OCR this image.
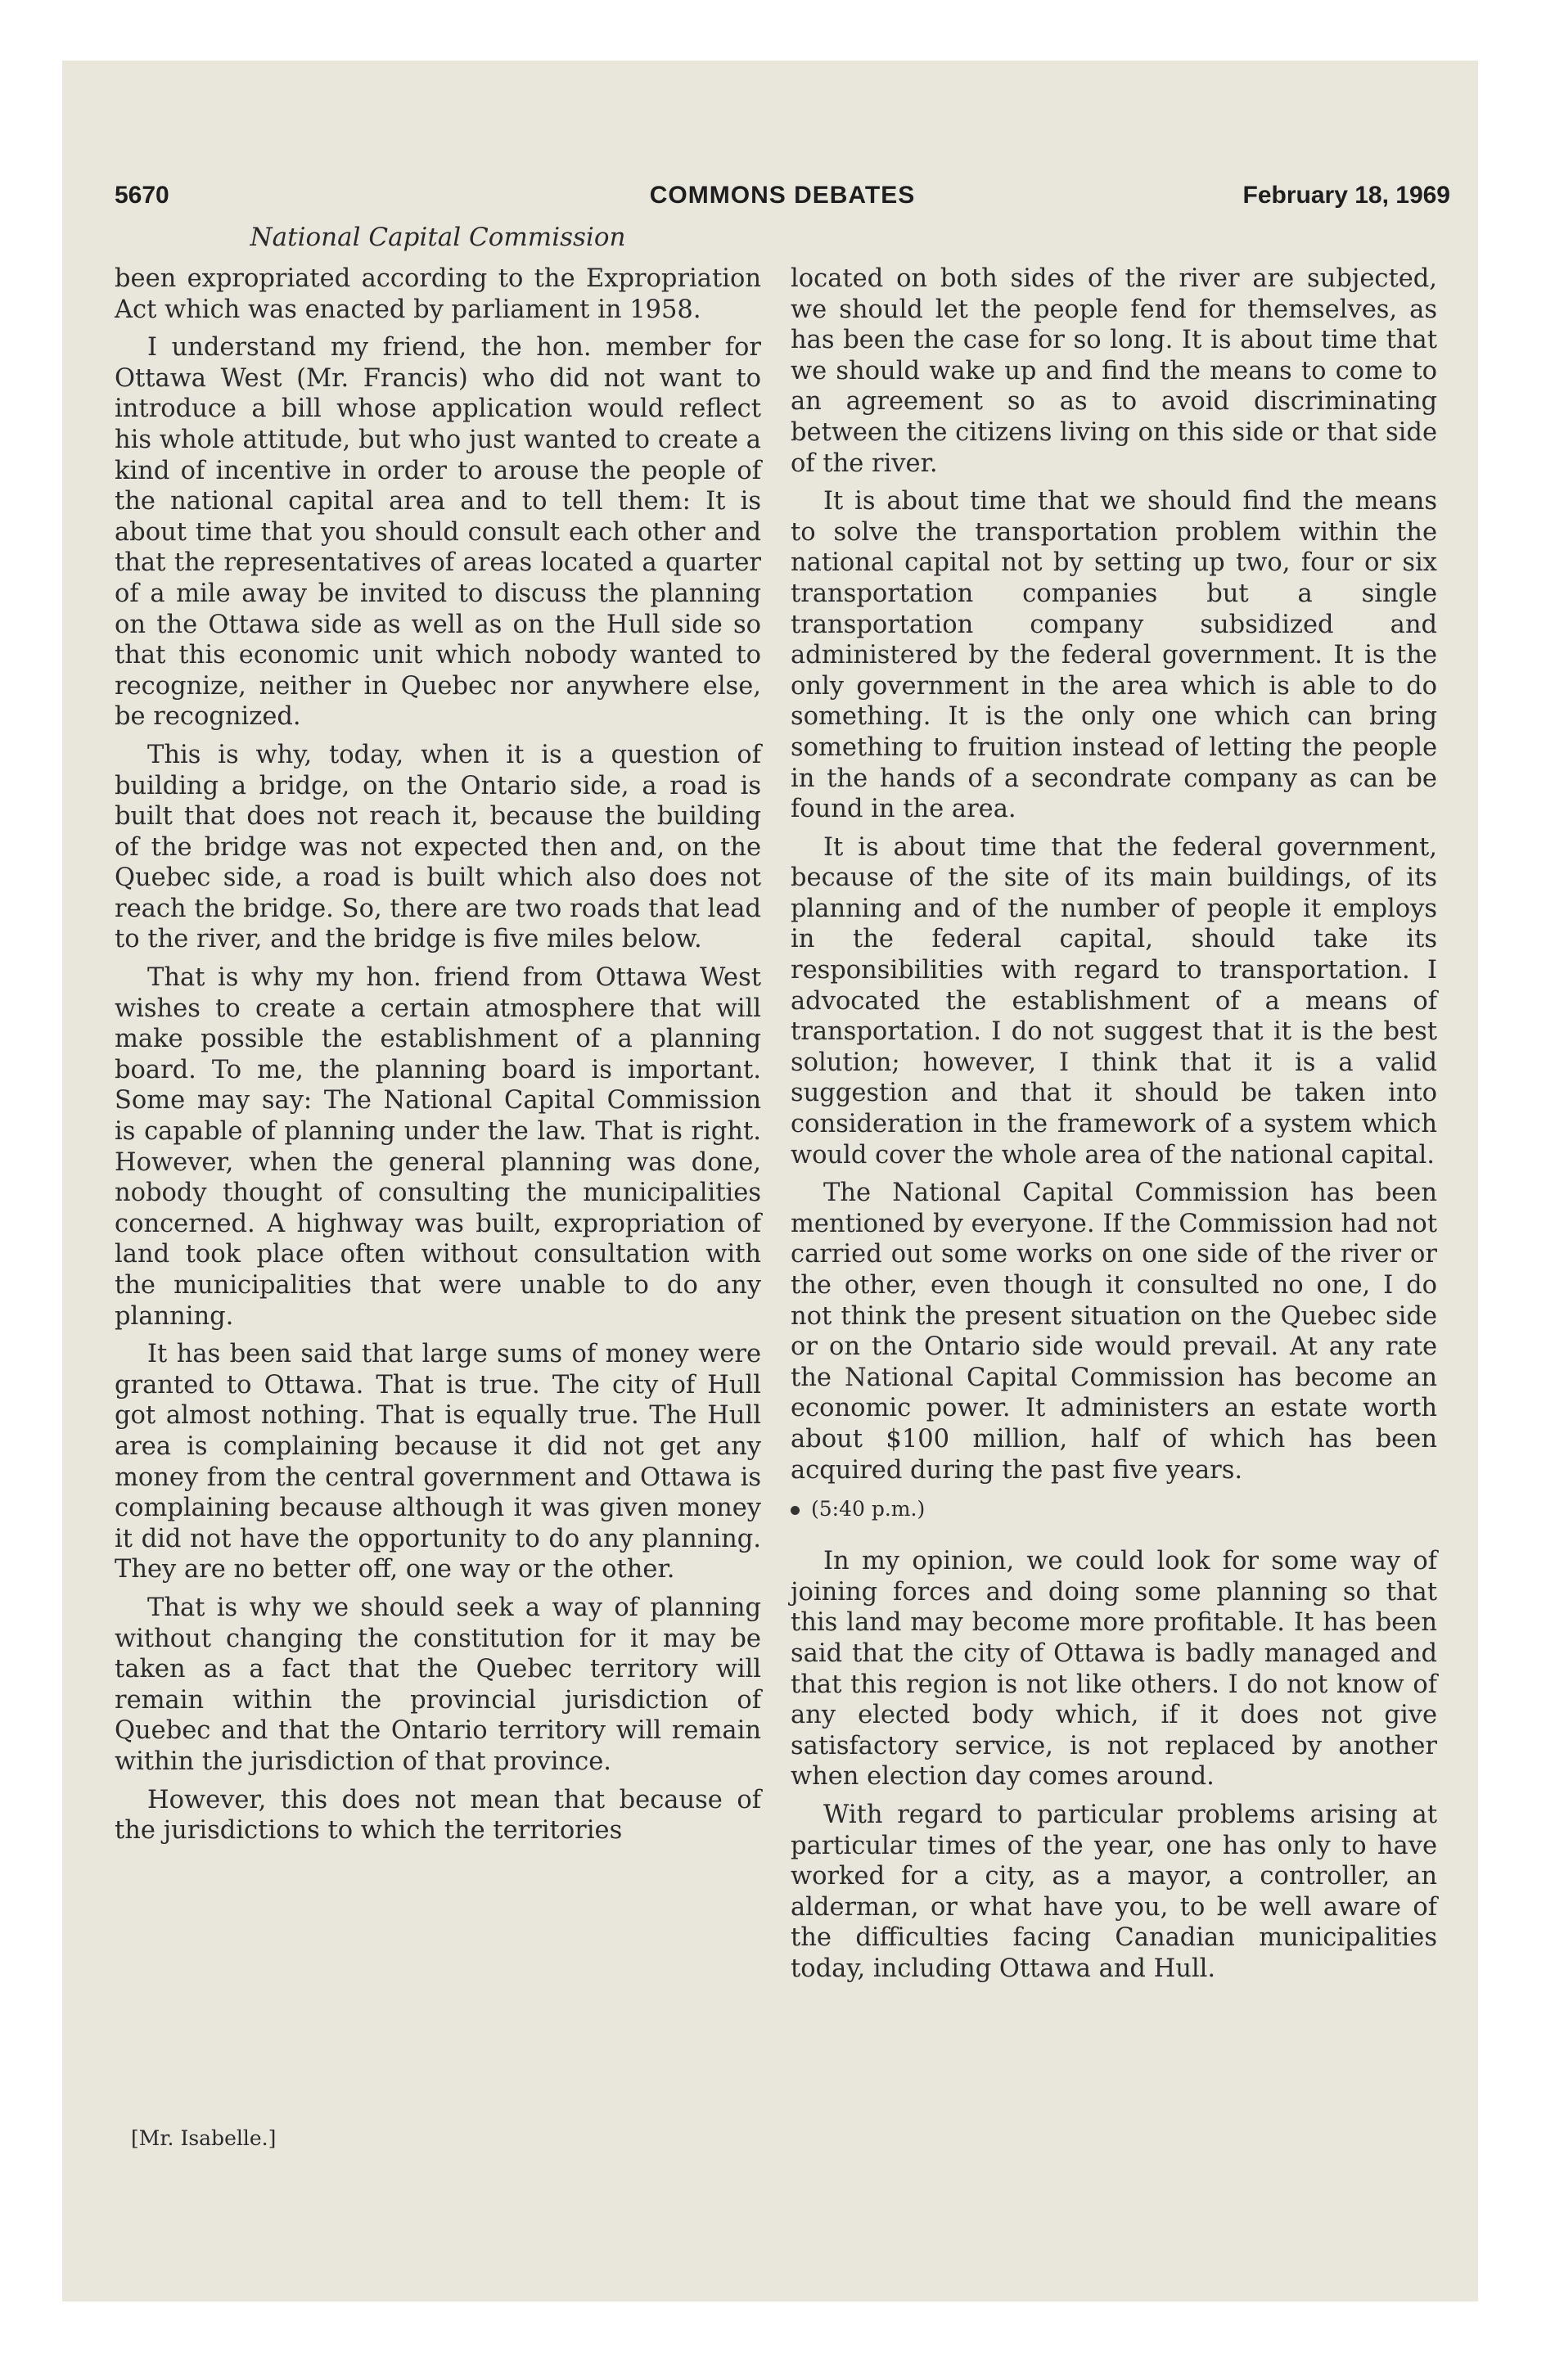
5670	COMMONS DEBATES	February 18, 1969
National Capital Commission

been expropriated according to the Expropriation Act which was enacted by parliament in 1958.

I understand my friend, the hon. member for Ottawa West (Mr. Francis) who did not want to introduce a bill whose application would reflect his whole attitude, but who just wanted to create a kind of incentive in order to arouse the people of the national capital area and to tell them: It is about time that you should consult each other and that the representatives of areas located a quarter of a mile away be invited to discuss the planning on the Ottawa side as well as on the Hull side so that this economic unit which nobody wanted to recognize, neither in Quebec nor anywhere else, be recognized.

This is why, today, when it is a question of building a bridge, on the Ontario side, a road is built that does not reach it, because the building of the bridge was not expected then and, on the Quebec side, a road is built which also does not reach the bridge. So, there are two roads that lead to the river, and the bridge is five miles below.

That is why my hon. friend from Ottawa West wishes to create a certain atmosphere that will make possible the establishment of a planning board. To me, the planning board is important. Some may say: The National Capital Commission is capable of planning under the law. That is right. However, when the general planning was done, nobody thought of consulting the municipalities concerned. A highway was built, expropriation of land took place often without consultation with the municipalities that were unable to do any planning.

It has been said that large sums of money were granted to Ottawa. That is true. The city of Hull got almost nothing. That is equally true. The Hull area is complaining because it did not get any money from the central government and Ottawa is complaining because although it was given money it did not have the opportunity to do any planning. They are no better off, one way or the other.

That is why we should seek a way of planning without changing the constitution for it may be taken as a fact that the Quebec territory will remain within the provincial jurisdiction of Quebec and that the Ontario territory will remain within the jurisdiction of that province.

However, this does not mean that because of the jurisdictions to which the territories

located on both sides of the river are subjected, we should let the people fend for themselves, as has been the case for so long. It is about time that we should wake up and find the means to come to an agreement so as to avoid discriminating between the citizens living on this side or that side of the river.

It is about time that we should find the means to solve the transportation problem within the national capital not by setting up two, four or six transportation companies but a single transportation company subsidized and administered by the federal government. It is the only government in the area which is able to do something. It is the only one which can bring something to fruition instead of letting the people in the hands of a secondrate company as can be found in the area.

It is about time that the federal government, because of the site of its main buildings, of its planning and of the number of people it employs in the federal capital, should take its responsibilities with regard to transportation. I advocated the establishment of a means of transportation. I do not suggest that it is the best solution; however, I think that it is a valid suggestion and that it should be taken into consideration in the framework of a system which would cover the whole area of the national capital.

The National Capital Commission has been mentioned by everyone. If the Commission had not carried out some works on one side of the river or the other, even though it consulted no one, I do not think the present situation on the Quebec side or on the Ontario side would prevail. At any rate the National Capital Commission has become an economic power. It administers an estate worth about $100 million, half of which has been acquired during the past five years.

(5:40 p.m.)

In my opinion, we could look for some way of joining forces and doing some planning so that this land may become more profitable. It has been said that the city of Ottawa is badly managed and that this region is not like others. I do not know of any elected body which, if it does not give satisfactory service, is not replaced by another when election day comes around.

With regard to particular problems arising at particular times of the year, one has only to have worked for a city, as a mayor, a controller, an alderman, or what have you, to be well aware of the difficulties facing Canadian municipalities today, including Ottawa and Hull.

[Mr. Isabelle.]
